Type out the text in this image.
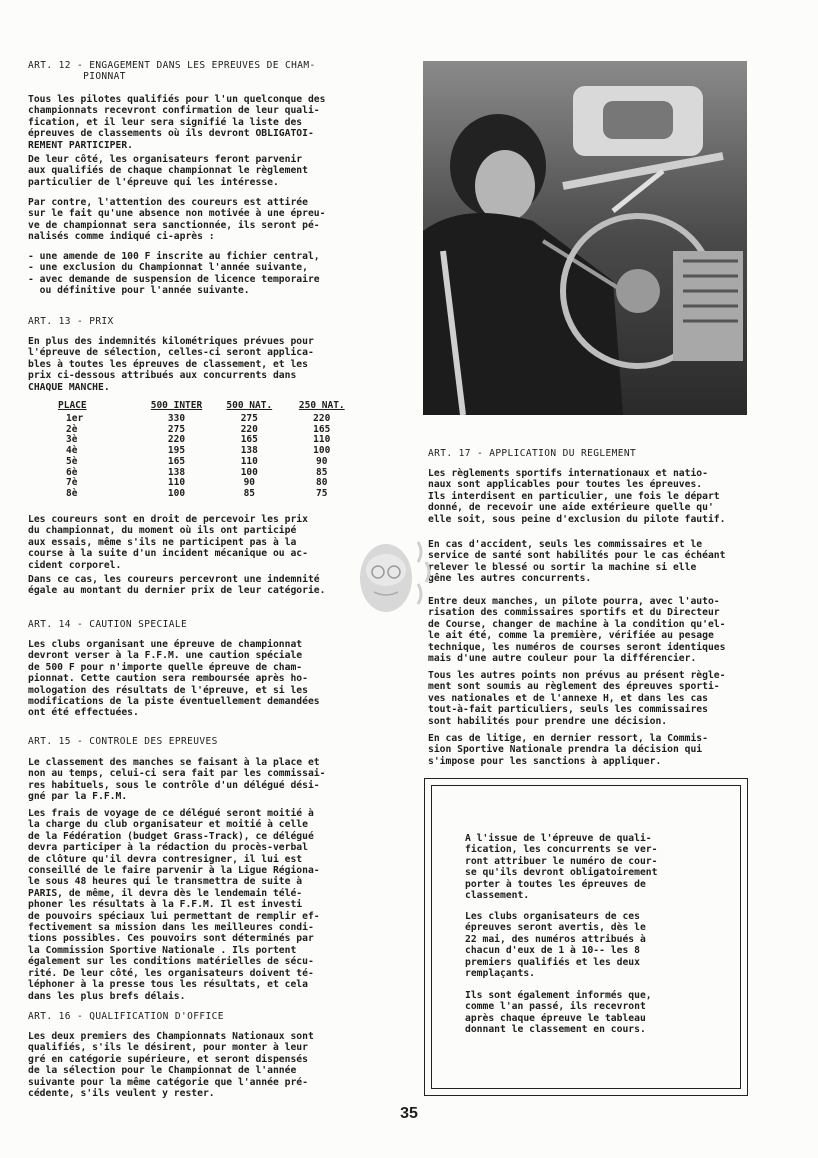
ART. 12 - ENGAGEMENT DANS LES EPREUVES DE CHAM-
PIONNAT

Tous les pilotes qualifiés pour l'un quelconque des
championnats recevront confirmation de leur quali-
fication, et il leur sera signifié la liste des
épreuves de classements où ils devront OBLIGATOI-
REMENT PARTICIPER.

De leur côté, les organisateurs feront parvenir
aux qualifiés de chaque championnat le règlement
particulier de l'épreuve qui les intéresse.

Par contre, l'attention des coureurs est attirée
sur le fait qu'une absence non motivée à une épreu-
ve de championnat sera sanctionnée, ils seront pé-
nalisés comme indiqué ci-après :

- une amende de 100 F inscrite au fichier central,
- une exclusion du Championnat l'année suivante,
- avec demande de suspension de licence temporaire
ou définitive pour l'année suivante.

ART. 13 - PRIX

En plus des indemnités kilométriques prévues pour
l'épreuve de sélection, celles-ci seront applica-
bles à toutes les épreuves de classement, et les
prix ci-dessous attribués aux concurrents dans
CHAQUE MANCHE.

PLACE	500 INTER	500 NAT.	250 NAT.
1er	330	275	220
2è	275	220	165
3è	220	165	110
4è	195	138	100
5è	165	110	90
6è	138	100	85
7è	110	90	80
8è	100	85	75

Les coureurs sont en droit de percevoir les prix
du championnat, du moment où ils ont participé
aux essais, même s'ils ne participent pas à la
course à la suite d'un incident mécanique ou ac-
cident corporel.

Dans ce cas, les coureurs percevront une indemnité
égale au montant du dernier prix de leur catégorie.

ART. 14 - CAUTION SPECIALE

Les clubs organisant une épreuve de championnat
devront verser à la F.F.M. une caution spéciale
de 500 F pour n'importe quelle épreuve de cham-
pionnat. Cette caution sera remboursée après ho-
mologation des résultats de l'épreuve, et si les
modifications de la piste éventuellement demandées
ont été effectuées.

ART. 15 - CONTROLE DES EPREUVES

Le classement des manches se faisant à la place et
non au temps, celui-ci sera fait par les commissai-
res habituels, sous le contrôle d'un délégué dési-
gné par la F.F.M.

Les frais de voyage de ce délégué seront moitié à
la charge du club organisateur et moitié à celle
de la Fédération (budget Grass-Track), ce délégué
devra participer à la rédaction du procès-verbal
de clôture qu'il devra contresigner, il lui est
conseillé de le faire parvenir à la Ligue Régiona-
le sous 48 heures qui le transmettra de suite à
PARIS, de même, il devra dès le lendemain télé-
phoner les résultats à la F.F.M. Il est investi
de pouvoirs spéciaux lui permettant de remplir ef-
fectivement sa mission dans les meilleures condi-
tions possibles. Ces pouvoirs sont déterminés par
la Commission Sportive Nationale . Ils portent
également sur les conditions matérielles de sécu-
rité. De leur côté, les organisateurs doivent té-
léphoner à la presse tous les résultats, et cela
dans les plus brefs délais.

ART. 16 - QUALIFICATION D'OFFICE

Les deux premiers des Championnats Nationaux sont
qualifiés, s'ils le désirent, pour monter à leur
gré en catégorie supérieure, et seront dispensés
de la sélection pour le Championnat de l'année
suivante pour la même catégorie que l'année pré-
cédente, s'ils veulent y rester.

ART. 17 - APPLICATION DU REGLEMENT

Les règlements sportifs internationaux et natio-
naux sont applicables pour toutes les épreuves.
Ils interdisent en particulier, une fois le départ
donné, de recevoir une aide extérieure quelle qu'
elle soit, sous peine d'exclusion du pilote fautif.

En cas d'accident, seuls les commissaires et le
service de santé sont habilités pour le cas échéant
relever le blessé ou sortir la machine si elle
gêne les autres concurrents.

Entre deux manches, un pilote pourra, avec l'auto-
risation des commissaires sportifs et du Directeur
de Course, changer de machine à la condition qu'el-
le ait été, comme la première, vérifiée au pesage
technique, les numéros de courses seront identiques
mais d'une autre couleur pour la différencier.

Tous les autres points non prévus au présent règle-
ment sont soumis au règlement des épreuves sporti-
ves nationales et de l'annexe H, et dans les cas
tout-à-fait particuliers, seuls les commissaires
sont habilités pour prendre une décision.

En cas de litige, en dernier ressort, la Commis-
sion Sportive Nationale prendra la décision qui
s'impose pour les sanctions à appliquer.

A l'issue de l'épreuve de quali-
fication, les concurrents se ver-
ront attribuer le numéro de cour-
se qu'ils devront obligatoirement
porter à toutes les épreuves de
classement.

Les clubs organisateurs de ces
épreuves seront avertis, dès le
22 mai, des numéros attribués à
chacun d'eux de 1 à 10-- les 8
premiers qualifiés et les deux
remplaçants.

Ils sont également informés que,
comme l'an passé, ils recevront
après chaque épreuve le tableau
donnant le classement en cours.

35
